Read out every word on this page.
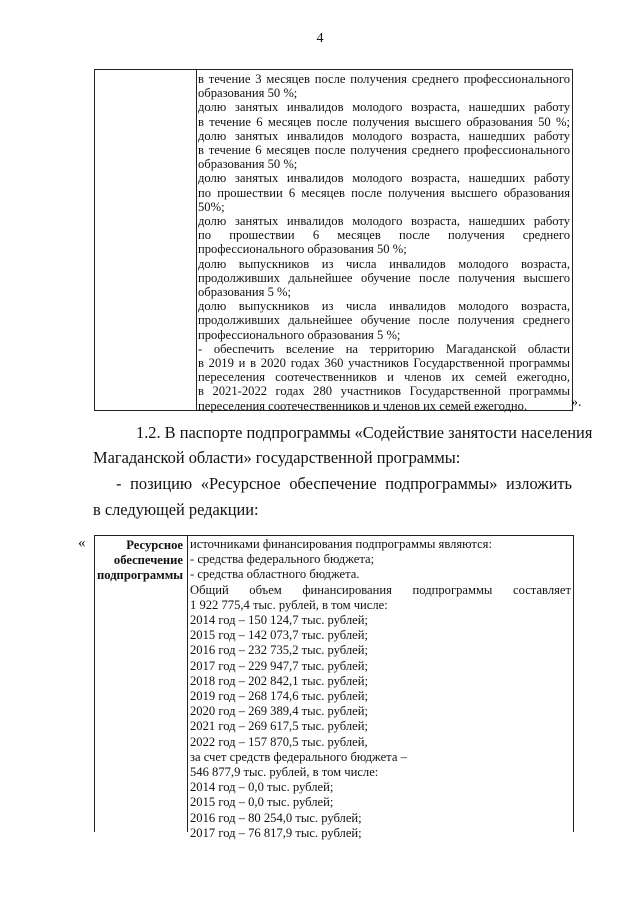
4
в течение 3 месяцев после получения среднего профессионального
образования 50 %;
долю занятых инвалидов молодого возраста, нашедших работу
в течение 6 месяцев после получения высшего образования 50 %;
долю занятых инвалидов молодого возраста, нашедших работу
в течение 6 месяцев после получения среднего профессионального
образования 50 %;
долю занятых инвалидов молодого возраста, нашедших работу
по прошествии 6 месяцев после получения высшего образования
50%;
долю занятых инвалидов молодого возраста, нашедших работу
по прошествии 6 месяцев после получения среднего
профессионального образования 50 %;
долю выпускников из числа инвалидов молодого возраста,
продолживших дальнейшее обучение после получения высшего
образования 5 %;
долю выпускников из числа инвалидов молодого возраста,
продолживших дальнейшее обучение после получения среднего
профессионального образования 5 %;
- обеспечить вселение на территорию Магаданской области
в 2019 и в 2020 годах 360 участников Государственной программы
переселения соотечественников и членов их семей ежегодно,
в 2021-2022 годах 280 участников Государственной программы
переселения соотечественников и членов их семей ежегодно.	».
1.2. В паспорте подпрограммы «Содействие занятости населения
Магаданской области» государственной программы:
- позицию «Ресурсное обеспечение подпрограммы» изложить
в следующей редакции:
«	Ресурсное обеспечение подпрограммы
источниками финансирования подпрограммы являются:
- средства федерального бюджета;
- средства областного бюджета.
Общий объем финансирования подпрограммы составляет
1 922 775,4 тыс. рублей, в том числе:
2014 год – 150 124,7 тыс. рублей;
2015 год – 142 073,7 тыс. рублей;
2016 год – 232 735,2 тыс. рублей;
2017 год – 229 947,7 тыс. рублей;
2018 год – 202 842,1 тыс. рублей;
2019 год – 268 174,6 тыс. рублей;
2020 год – 269 389,4 тыс. рублей;
2021 год – 269 617,5 тыс. рублей;
2022 год – 157 870,5 тыс. рублей,
за счет средств федерального бюджета –
546 877,9 тыс. рублей, в том числе:
2014 год – 0,0 тыс. рублей;
2015 год – 0,0 тыс. рублей;
2016 год – 80 254,0 тыс. рублей;
2017 год – 76 817,9 тыс. рублей;
